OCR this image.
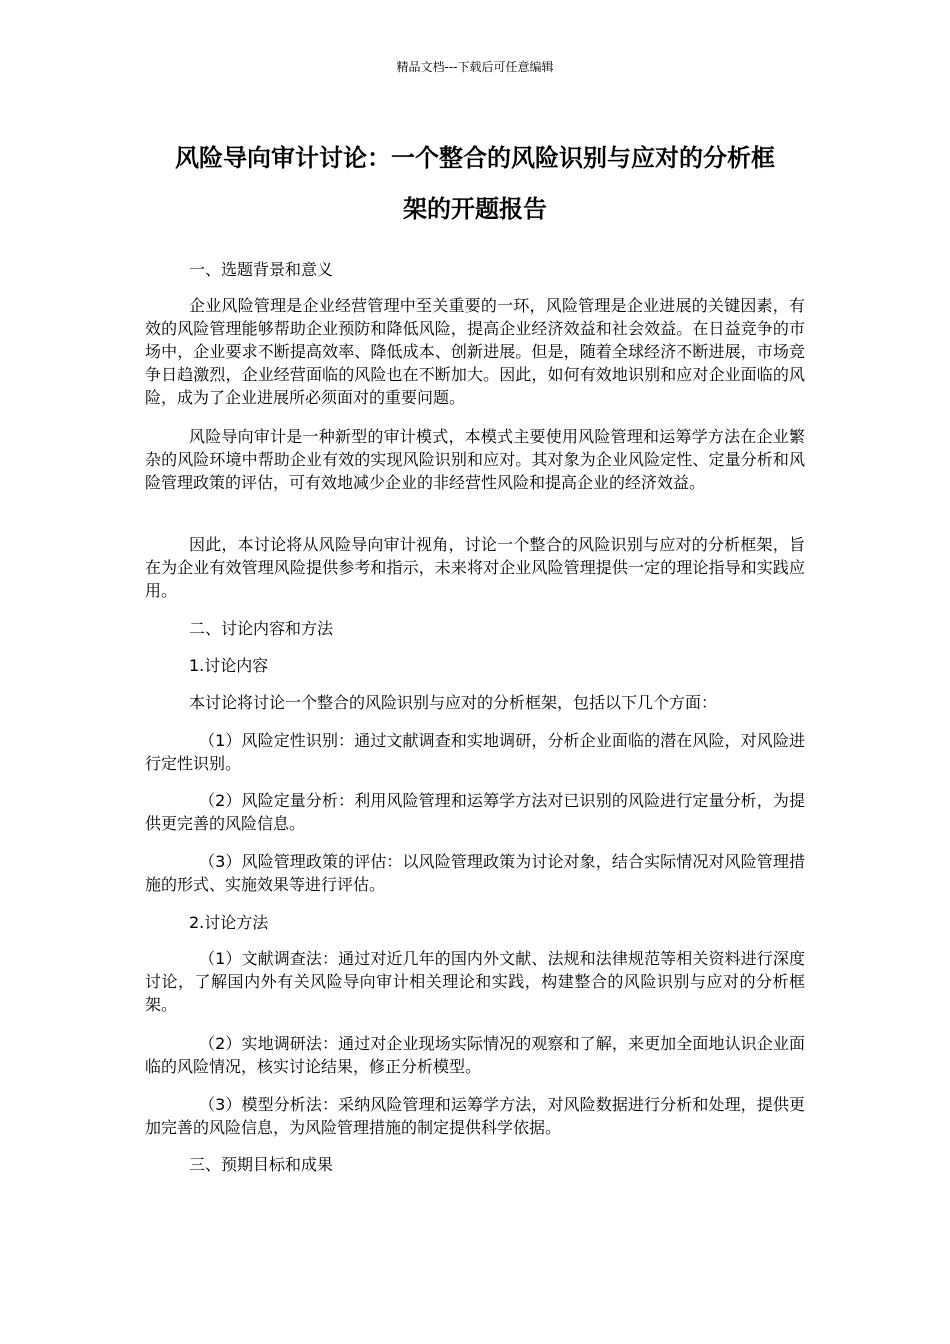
精品文档---下载后可任意编辑
风险导向审计讨论：一个整合的风险识别与应对的分析框
架的开题报告
一、选题背景和意义
企业风险管理是企业经营管理中至关重要的一环，风险管理是企业进展的关键因素，有效的风险管理能够帮助企业预防和降低风险，提高企业经济效益和社会效益。在日益竞争的市场中，企业要求不断提高效率、降低成本、创新进展。但是，随着全球经济不断进展，市场竞争日趋激烈，企业经营面临的风险也在不断加大。因此，如何有效地识别和应对企业面临的风险，成为了企业进展所必须面对的重要问题。
风险导向审计是一种新型的审计模式，本模式主要使用风险管理和运筹学方法在企业繁杂的风险环境中帮助企业有效的实现风险识别和应对。其对象为企业风险定性、定量分析和风险管理政策的评估，可有效地减少企业的非经营性风险和提高企业的经济效益。
因此，本讨论将从风险导向审计视角，讨论一个整合的风险识别与应对的分析框架，旨在为企业有效管理风险提供参考和指示，未来将对企业风险管理提供一定的理论指导和实践应用。
二、讨论内容和方法
1.讨论内容
本讨论将讨论一个整合的风险识别与应对的分析框架，包括以下几个方面：
（1）风险定性识别：通过文献调查和实地调研，分析企业面临的潜在风险，对风险进行定性识别。
（2）风险定量分析：利用风险管理和运筹学方法对已识别的风险进行定量分析，为提供更完善的风险信息。
（3）风险管理政策的评估：以风险管理政策为讨论对象，结合实际情况对风险管理措施的形式、实施效果等进行评估。
2.讨论方法
（1）文献调查法：通过对近几年的国内外文献、法规和法律规范等相关资料进行深度讨论，了解国内外有关风险导向审计相关理论和实践，构建整合的风险识别与应对的分析框架。
（2）实地调研法：通过对企业现场实际情况的观察和了解，来更加全面地认识企业面临的风险情况，核实讨论结果，修正分析模型。
（3）模型分析法：采纳风险管理和运筹学方法，对风险数据进行分析和处理，提供更加完善的风险信息，为风险管理措施的制定提供科学依据。
三、预期目标和成果
